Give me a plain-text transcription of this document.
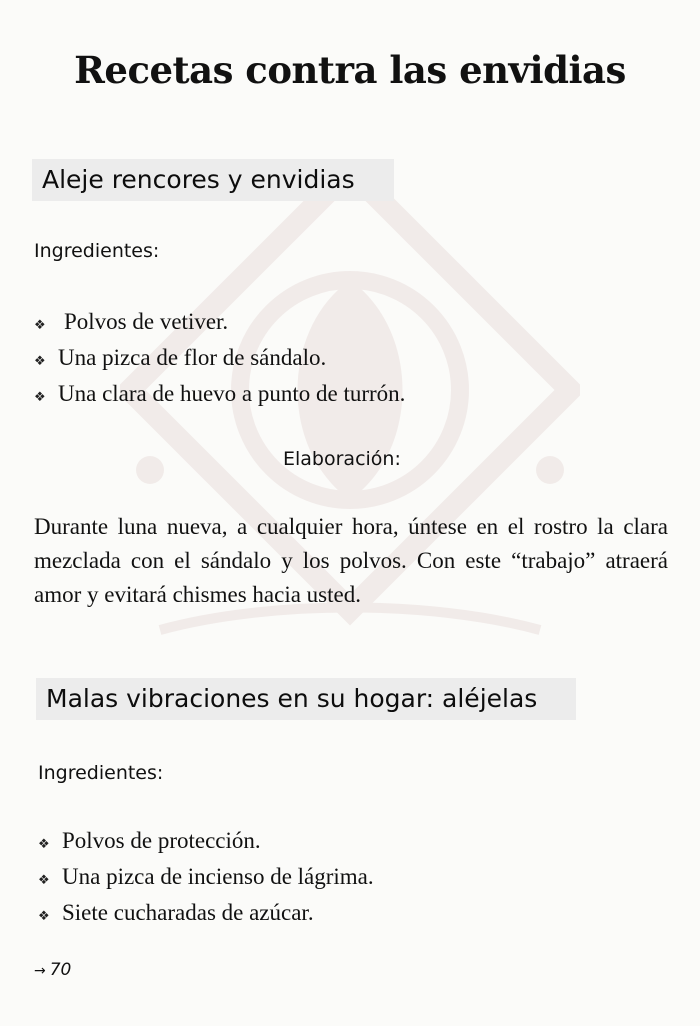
Recetas contra las envidias
Aleje rencores y envidias
Ingredientes:
❖ Polvos de vetiver.
❖ Una pizca de flor de sándalo.
❖ Una clara de huevo a punto de turrón.
Elaboración:

Durante luna nueva, a cualquier hora, úntese en el rostro la clara mezclada con el sándalo y los polvos. Con este “trabajo” atraerá amor y evitará chismes hacia usted.

Malas vibraciones en su hogar: aléjelas
Ingredientes:
❖ Polvos de protección.
❖ Una pizca de incienso de lágrima.
❖ Siete cucharadas de azúcar.
→ 70
